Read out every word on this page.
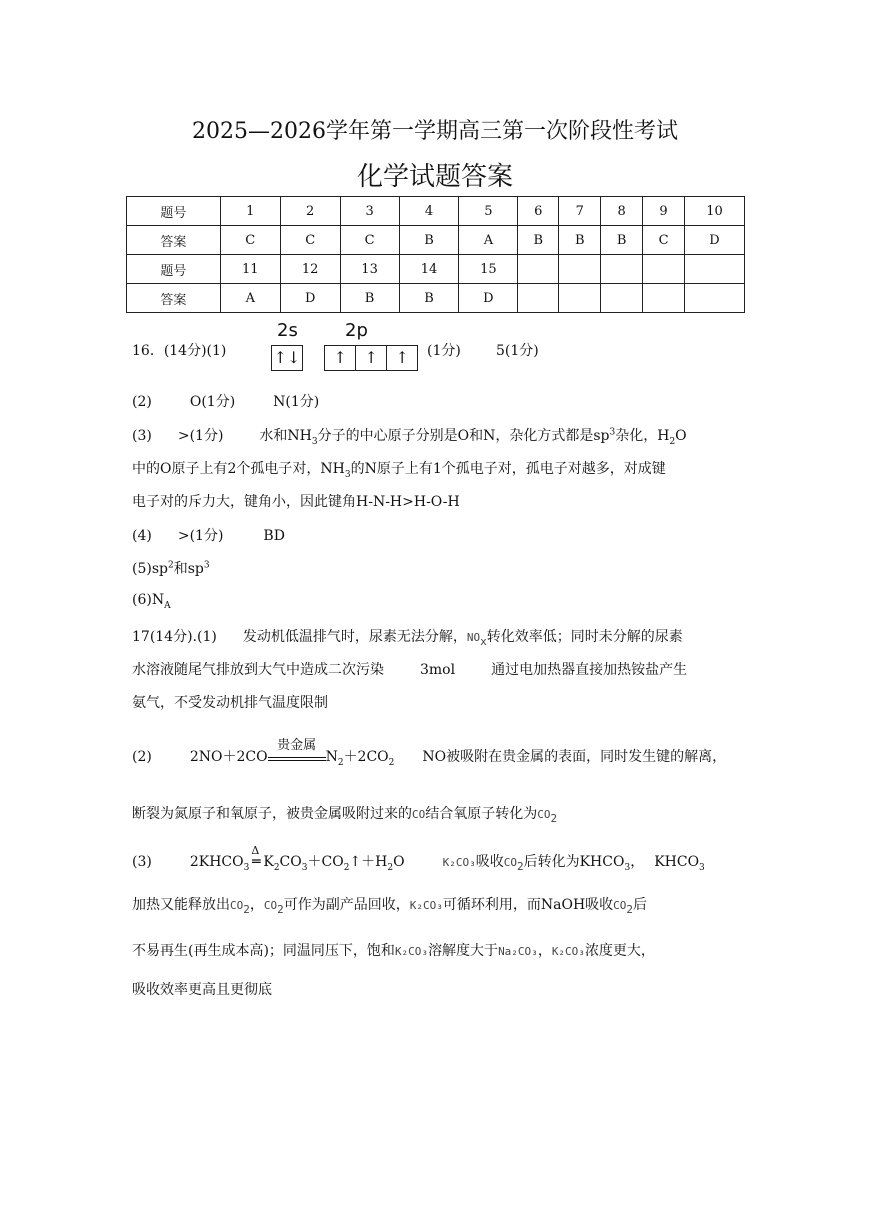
2025—2026学年第一学期高三第一次阶段性考试
化学试题答案
题号	1	2	3	4	5	6	7	8	9	10
答案	C	C	C	B	A	B	B	B	C	D
题号	11	12	13	14	15					
答案	A	D	B	B	D					
16．(14分)(1)
2s	2p
↑↓ ↑ ↑ ↑	(1分)	5(1分)
(2)	O(1分)	N(1分)
(3) >(1分)	水和$NH_3$分子的中心原子分别是O和N，杂化方式都是$sp^3$杂化，$H_2O$
中的O原子上有2个孤电子对，$NH_3$的N原子上有1个孤电子对，孤电子对越多，对成键
电子对的斥力大，键角小，因此键角H-N-H>H-O-H
(4) >(1分)	BD
$(5)sp^2$和$sp^3$
$(6)N_A$
17(14分).(1) 发动机低温排气时，尿素无法分解，$NO_x$转化效率低；同时未分解的尿素
水溶液随尾气排放到大气中造成二次污染	3mol	通过电加热器直接加热铵盐产生
氨气，不受发动机排气温度限制
(2)	2NO＋2CO
贵金属
$N_2+2CO_2$ NO被吸附在贵金属的表面，同时发生键的解离，
断裂为氮原子和氧原子，被贵金属吸附过来的CO结合氧原子转化为$CO_2$
(3)	$2KHCO_3$
Δ
═ $K_2CO_3+CO_2↑+H_2O$	K₂CO₃吸收$CO_2$后转化为$KHCO_3$， $KHCO_3$
加热又能释放出$CO_2$，$CO_2$可作为副产品回收，K₂CO₃可循环利用，而NaOH吸收$CO_2$后
不易再生(再生成本高)；同温同压下，饱和K₂CO₃溶解度大于Na₂CO₃，K₂CO₃浓度更大，
吸收效率更高且更彻底
